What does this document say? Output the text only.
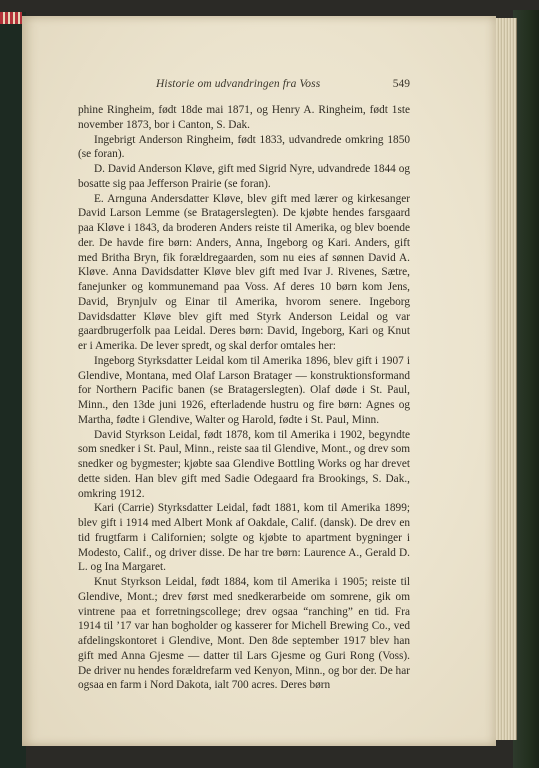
Historie om udvandringen fra Voss	549

phine Ringheim, født 18de mai 1871, og Henry A. Ringheim, født 1ste november 1873, bor i Canton, S. Dak.

Ingebrigt Anderson Ringheim, født 1833, udvandrede omkring 1850 (se foran).

D. David Anderson Kløve, gift med Sigrid Nyre, udvandrede 1844 og bosatte sig paa Jefferson Prairie (se foran).

E. Arnguna Andersdatter Kløve, blev gift med lærer og kirkesanger David Larson Lemme (se Bratagerslegten). De kjøbte hendes farsgaard paa Kløve i 1843, da broderen Anders reiste til Amerika, og blev boende der. De havde fire børn: Anders, Anna, Ingeborg og Kari. Anders, gift med Britha Bryn, fik forældregaarden, som nu eies af sønnen David A. Kløve. Anna Davidsdatter Kløve blev gift med Ivar J. Rivenes, Sætre, fanejunker og kommunemand paa Voss. Af deres 10 børn kom Jens, David, Brynjulv og Einar til Amerika, hvorom senere. Ingeborg Davidsdatter Kløve blev gift med Styrk Anderson Leidal og var gaardbrugerfolk paa Leidal. Deres børn: David, Ingeborg, Kari og Knut er i Amerika. De lever spredt, og skal derfor omtales her:

Ingeborg Styrksdatter Leidal kom til Amerika 1896, blev gift i 1907 i Glendive, Montana, med Olaf Larson Bratager — konstruktionsformand for Northern Pacific banen (se Bratagerslegten). Olaf døde i St. Paul, Minn., den 13de juni 1926, efterladende hustru og fire børn: Agnes og Martha, fødte i Glendive, Walter og Harold, fødte i St. Paul, Minn.

David Styrkson Leidal, født 1878, kom til Amerika i 1902, begyndte som snedker i St. Paul, Minn., reiste saa til Glendive, Mont., og drev som snedker og bygmester; kjøbte saa Glendive Bottling Works og har drevet dette siden. Han blev gift med Sadie Odegaard fra Brookings, S. Dak., omkring 1912.

Kari (Carrie) Styrksdatter Leidal, født 1881, kom til Amerika 1899; blev gift i 1914 med Albert Monk af Oakdale, Calif. (dansk). De drev en tid frugtfarm i Californien; solgte og kjøbte to apartment bygninger i Modesto, Calif., og driver disse. De har tre børn: Laurence A., Gerald D. L. og Ina Margaret.

Knut Styrkson Leidal, født 1884, kom til Amerika i 1905; reiste til Glendive, Mont.; drev først med snedkerarbeide om somrene, gik om vintrene paa et forretningscollege; drev ogsaa “ranching” en tid. Fra 1914 til ’17 var han bogholder og kasserer for Michell Brewing Co., ved afdelingskontoret i Glendive, Mont. Den 8de september 1917 blev han gift med Anna Gjesme — datter til Lars Gjesme og Guri Rong (Voss). De driver nu hendes forældrefarm ved Kenyon, Minn., og bor der. De har ogsaa en farm i Nord Dakota, ialt 700 acres. Deres børn
